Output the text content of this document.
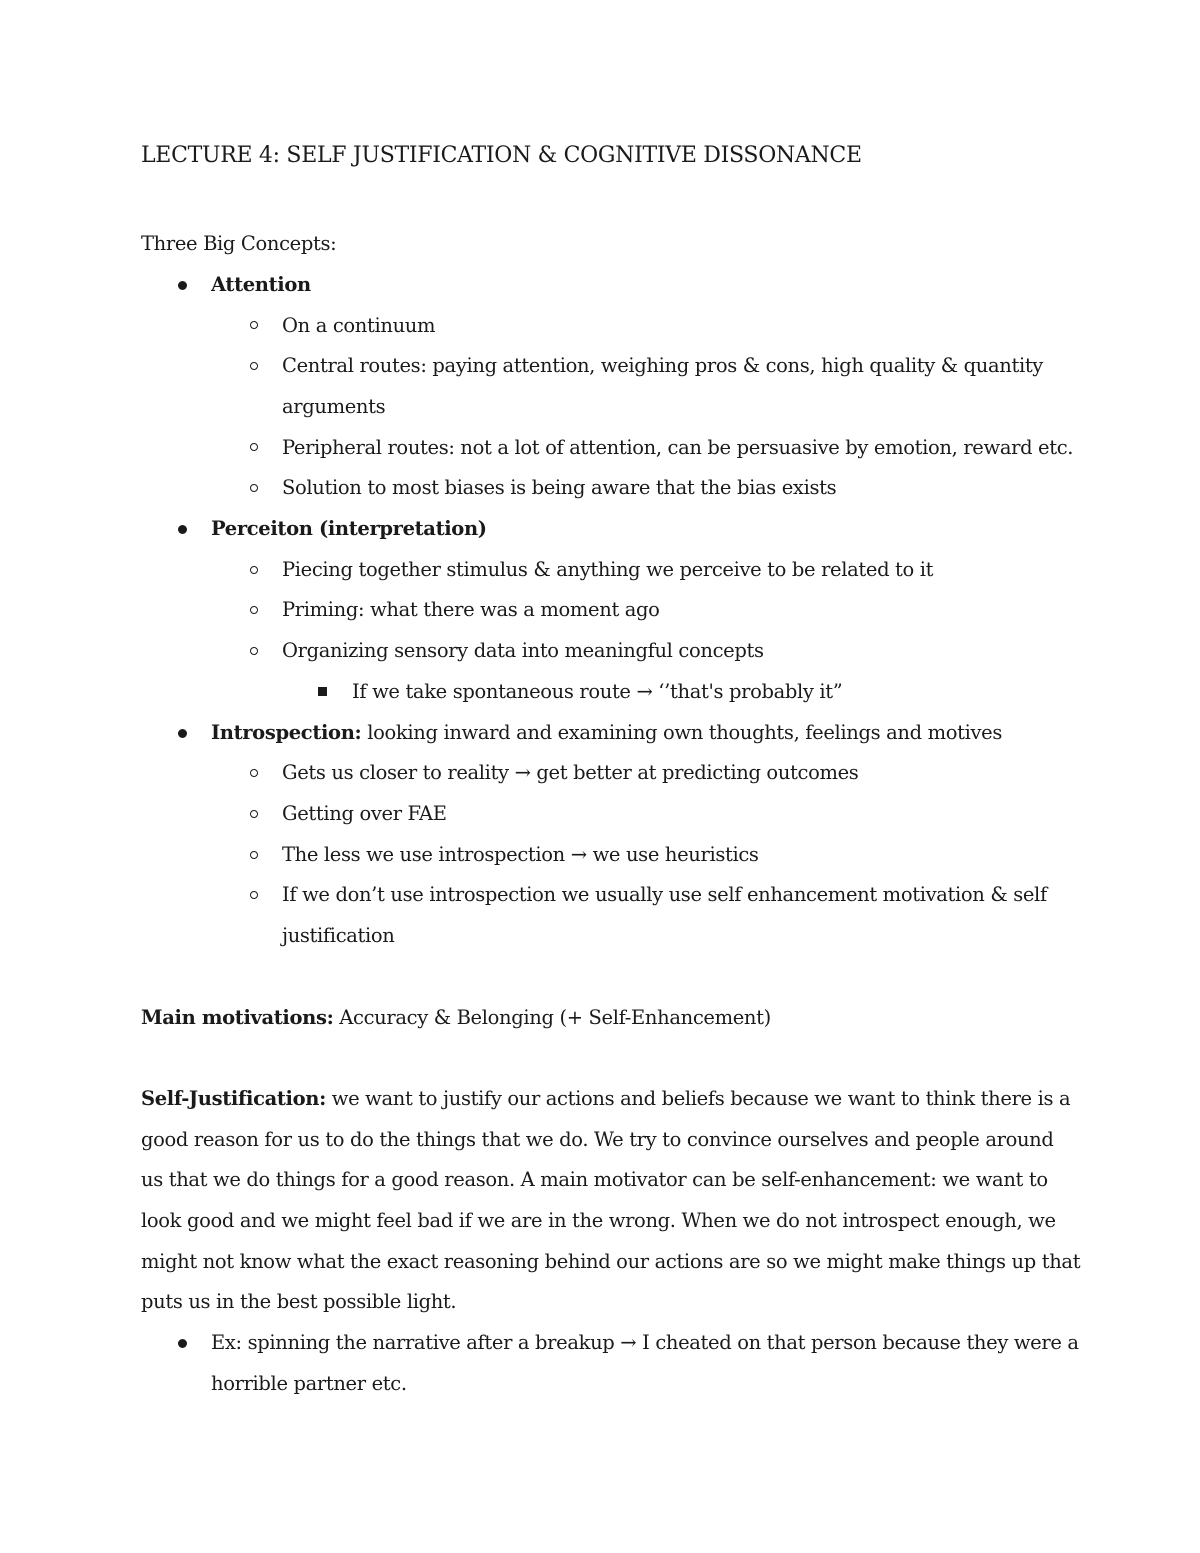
LECTURE 4: SELF JUSTIFICATION & COGNITIVE DISSONANCE
Three Big Concepts:
Attention
On a continuum
Central routes: paying attention, weighing pros & cons, high quality & quantity
arguments
Peripheral routes: not a lot of attention, can be persuasive by emotion, reward etc.
Solution to most biases is being aware that the bias exists
Perceiton (interpretation)
Piecing together stimulus & anything we perceive to be related to it
Priming: what there was a moment ago
Organizing sensory data into meaningful concepts
If we take spontaneous route → ‘’that's probably it”
Introspection: looking inward and examining own thoughts, feelings and motives
Gets us closer to reality → get better at predicting outcomes
Getting over FAE
The less we use introspection → we use heuristics
If we don’t use introspection we usually use self enhancement motivation & self
justification
Main motivations: Accuracy & Belonging (+ Self-Enhancement)
Self-Justification: we want to justify our actions and beliefs because we want to think there is a
good reason for us to do the things that we do. We try to convince ourselves and people around
us that we do things for a good reason. A main motivator can be self-enhancement: we want to
look good and we might feel bad if we are in the wrong. When we do not introspect enough, we
might not know what the exact reasoning behind our actions are so we might make things up that
puts us in the best possible light.
Ex: spinning the narrative after a breakup → I cheated on that person because they were a
horrible partner etc.
